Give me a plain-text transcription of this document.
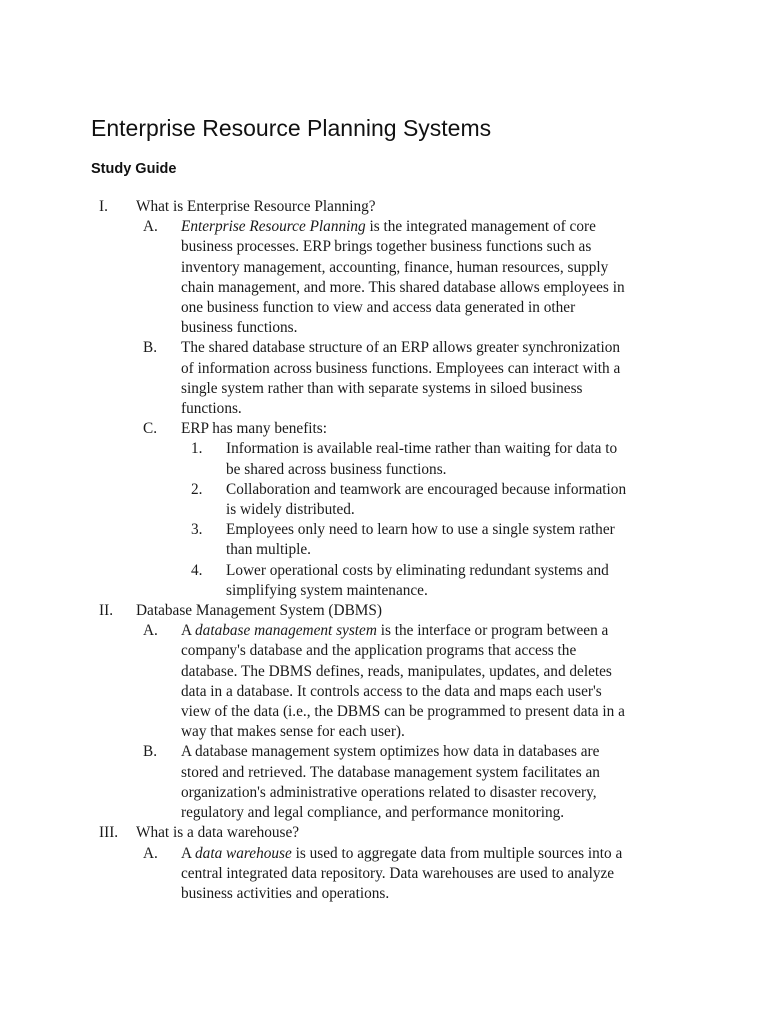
Enterprise Resource Planning Systems
Study Guide
I. What is Enterprise Resource Planning?
A. Enterprise Resource Planning is the integrated management of core
business processes. ERP brings together business functions such as
inventory management, accounting, finance, human resources, supply
chain management, and more. This shared database allows employees in
one business function to view and access data generated in other
business functions.
B. The shared database structure of an ERP allows greater synchronization
of information across business functions. Employees can interact with a
single system rather than with separate systems in siloed business
functions.
C. ERP has many benefits:
1. Information is available real-time rather than waiting for data to
be shared across business functions.
2. Collaboration and teamwork are encouraged because information
is widely distributed.
3. Employees only need to learn how to use a single system rather
than multiple.
4. Lower operational costs by eliminating redundant systems and
simplifying system maintenance.
II. Database Management System (DBMS)
A. A database management system is the interface or program between a
company's database and the application programs that access the
database. The DBMS defines, reads, manipulates, updates, and deletes
data in a database. It controls access to the data and maps each user's
view of the data (i.e., the DBMS can be programmed to present data in a
way that makes sense for each user).
B. A database management system optimizes how data in databases are
stored and retrieved. The database management system facilitates an
organization's administrative operations related to disaster recovery,
regulatory and legal compliance, and performance monitoring.
III. What is a data warehouse?
A. A data warehouse is used to aggregate data from multiple sources into a
central integrated data repository. Data warehouses are used to analyze
business activities and operations.
